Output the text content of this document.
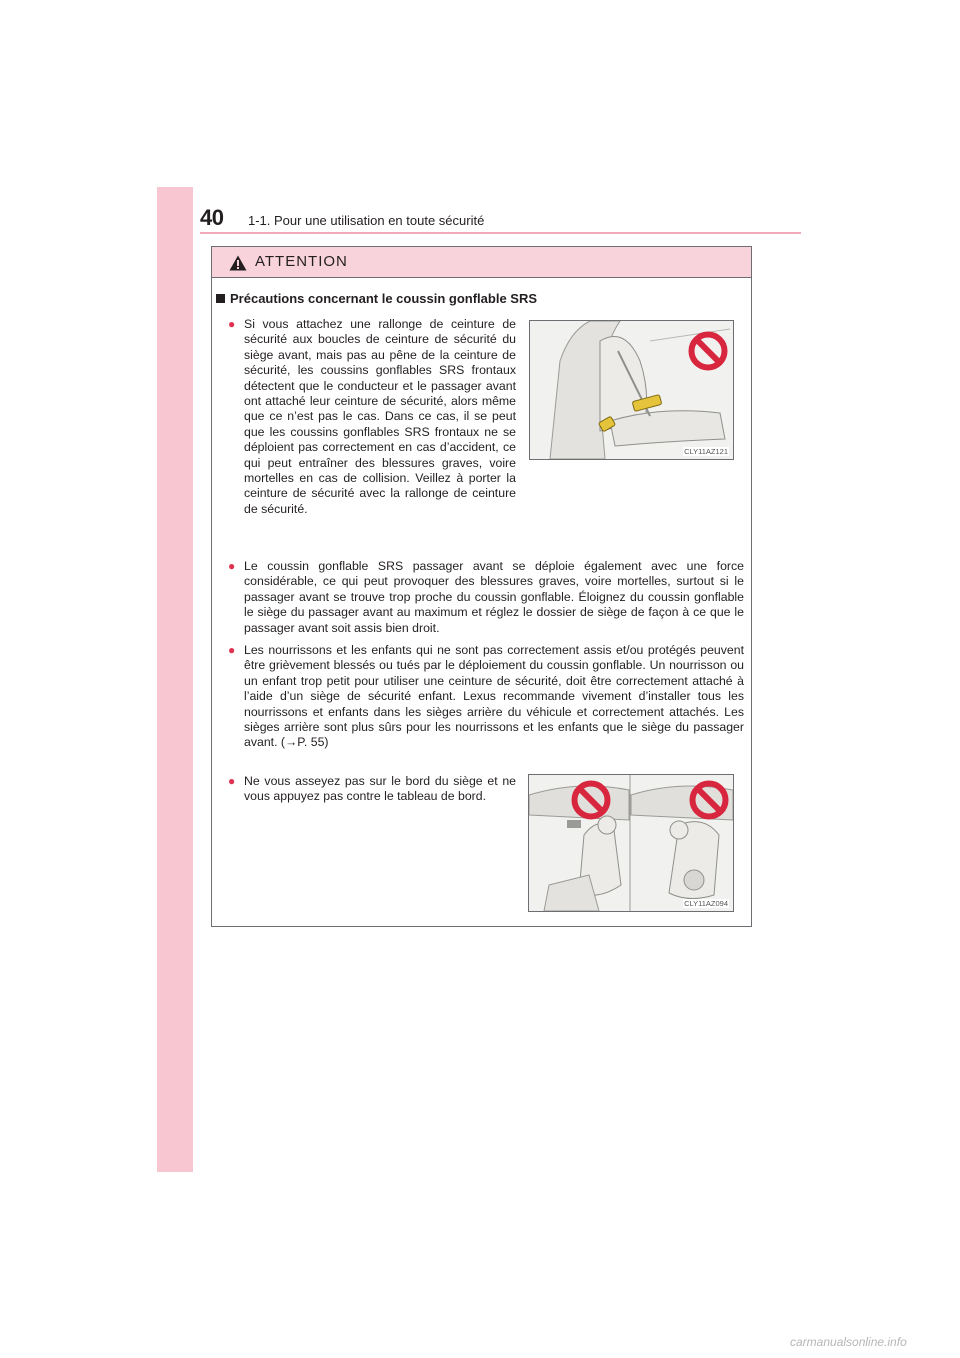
40 1-1. Pour une utilisation en toute sécurité
ATTENTION
Précautions concernant le coussin gonflable SRS
● Si vous attachez une rallonge de ceinture de sécurité aux boucles de ceinture de sécurité du siège avant, mais pas au pêne de la ceinture de sécurité, les coussins gonflables SRS frontaux détectent que le conducteur et le passager avant ont attaché leur ceinture de sécurité, alors même que ce n’est pas le cas. Dans ce cas, il se peut que les coussins gonflables SRS frontaux ne se déploient pas correctement en cas d’accident, ce qui peut entraîner des blessures graves, voire mortelles en cas de collision. Veillez à porter la ceinture de sécurité avec la rallonge de ceinture de sécurité.
CLY11AZ121
● Le coussin gonflable SRS passager avant se déploie également avec une force considérable, ce qui peut provoquer des blessures graves, voire mortelles, surtout si le passager avant se trouve trop proche du coussin gonflable. Éloignez du coussin gonflable le siège du passager avant au maximum et réglez le dossier de siège de façon à ce que le passager avant soit assis bien droit.
● Les nourrissons et les enfants qui ne sont pas correctement assis et/ou protégés peuvent être grièvement blessés ou tués par le déploiement du coussin gonflable. Un nourrisson ou un enfant trop petit pour utiliser une ceinture de sécurité, doit être correctement attaché à l’aide d’un siège de sécurité enfant. Lexus recommande vivement d’installer tous les nourrissons et enfants dans les sièges arrière du véhicule et correctement attachés. Les sièges arrière sont plus sûrs pour les nourrissons et les enfants que le siège du passager avant. (→P. 55)
● Ne vous asseyez pas sur le bord du siège et ne vous appuyez pas contre le tableau de bord.
CLY11AZ094
carmanualsonline.info
